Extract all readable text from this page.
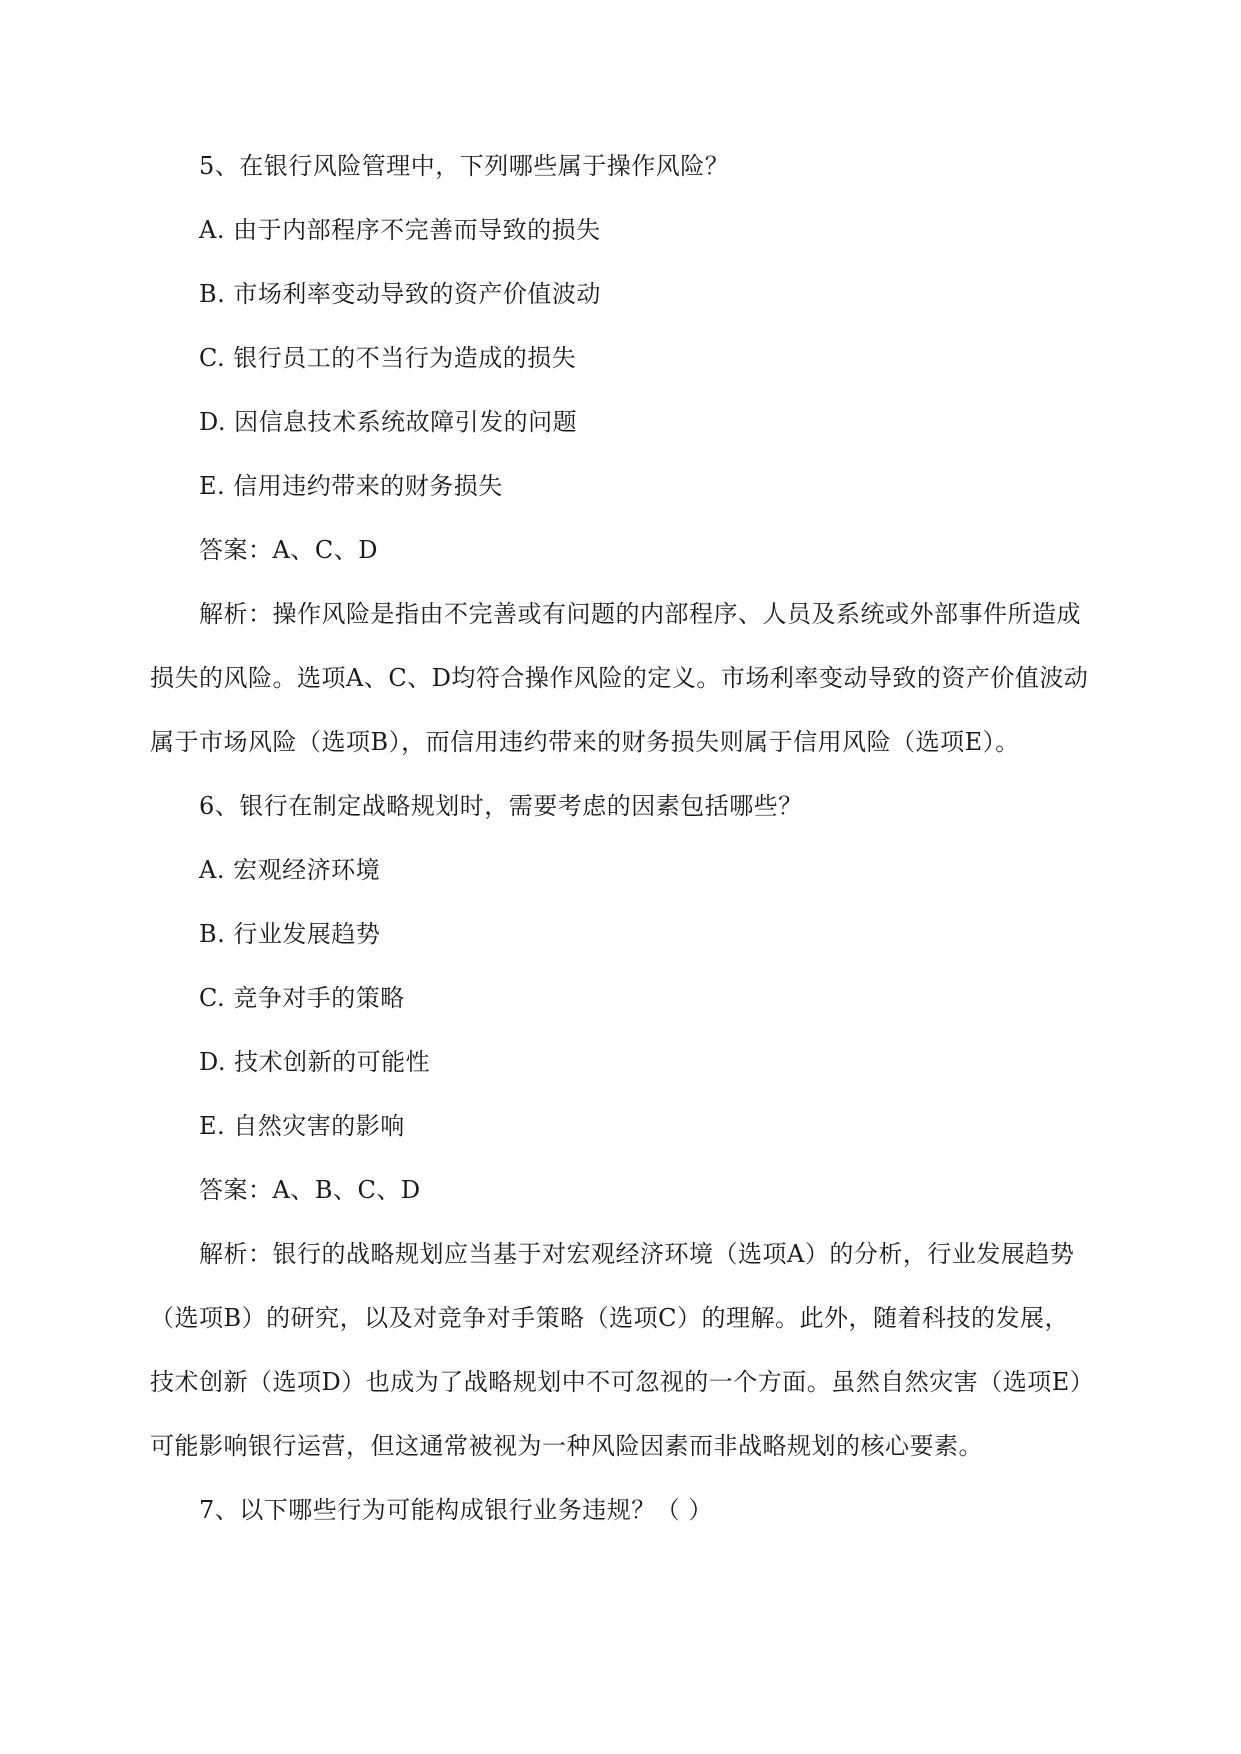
5、在银行风险管理中，下列哪些属于操作风险？
A. 由于内部程序不完善而导致的损失
B. 市场利率变动导致的资产价值波动
C. 银行员工的不当行为造成的损失
D. 因信息技术系统故障引发的问题
E. 信用违约带来的财务损失
答案：A、C、D
解析：操作风险是指由不完善或有问题的内部程序、人员及系统或外部事件所造成
损失的风险。选项A、C、D均符合操作风险的定义。市场利率变动导致的资产价值波动
属于市场风险（选项B），而信用违约带来的财务损失则属于信用风险（选项E）。
6、银行在制定战略规划时，需要考虑的因素包括哪些？
A. 宏观经济环境
B. 行业发展趋势
C. 竞争对手的策略
D. 技术创新的可能性
E. 自然灾害的影响
答案：A、B、C、D
解析：银行的战略规划应当基于对宏观经济环境（选项A）的分析，行业发展趋势
（选项B）的研究，以及对竞争对手策略（选项C）的理解。此外，随着科技的发展，
技术创新（选项D）也成为了战略规划中不可忽视的一个方面。虽然自然灾害（选项E）
可能影响银行运营，但这通常被视为一种风险因素而非战略规划的核心要素。
7、以下哪些行为可能构成银行业务违规？（ ）
